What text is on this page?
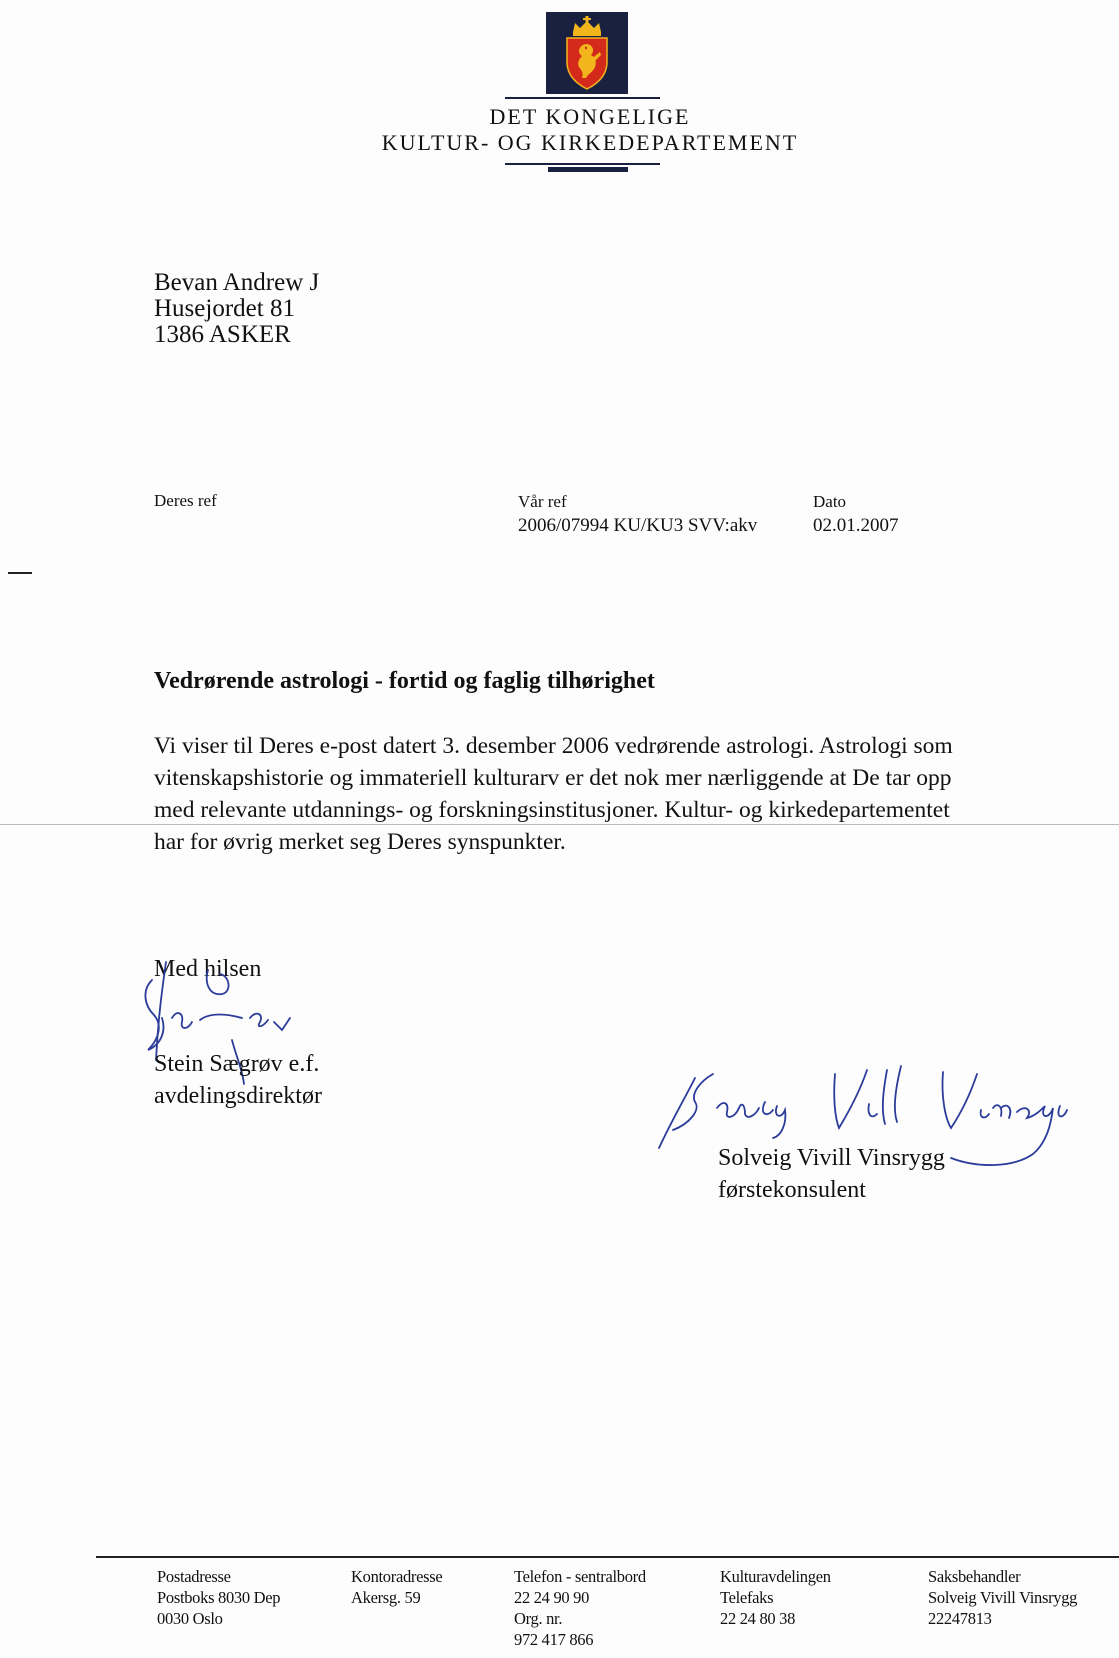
DET KONGELIGE
KULTUR- OG KIRKEDEPARTEMENT
Bevan Andrew J
Husejordet 81
1386 ASKER
Deres ref	Vår ref
2006/07994 KU/KU3 SVV:akv
Dato
02.01.2007
Vedrørende astrologi - fortid og faglig tilhørighet
Vi viser til Deres e-post datert 3. desember 2006 vedrørende astrologi. Astrologi som
vitenskapshistorie og immateriell kulturarv er det nok mer nærliggende at De tar opp
med relevante utdannings- og forskningsinstitusjoner. Kultur- og kirkedepartementet
har for øvrig merket seg Deres synspunkter.
Med hilsen
Stein Sægrøv e.f.
avdelingsdirektør
Solveig Vivill Vinsrygg
førstekonsulent
Postadresse
Postboks 8030 Dep
0030 Oslo
Kontoradresse
Akersg. 59
Telefon - sentralbord
22 24 90 90
Org. nr.
972 417 866
Kulturavdelingen
Telefaks
22 24 80 38
Saksbehandler
Solveig Vivill Vinsrygg
22247813
